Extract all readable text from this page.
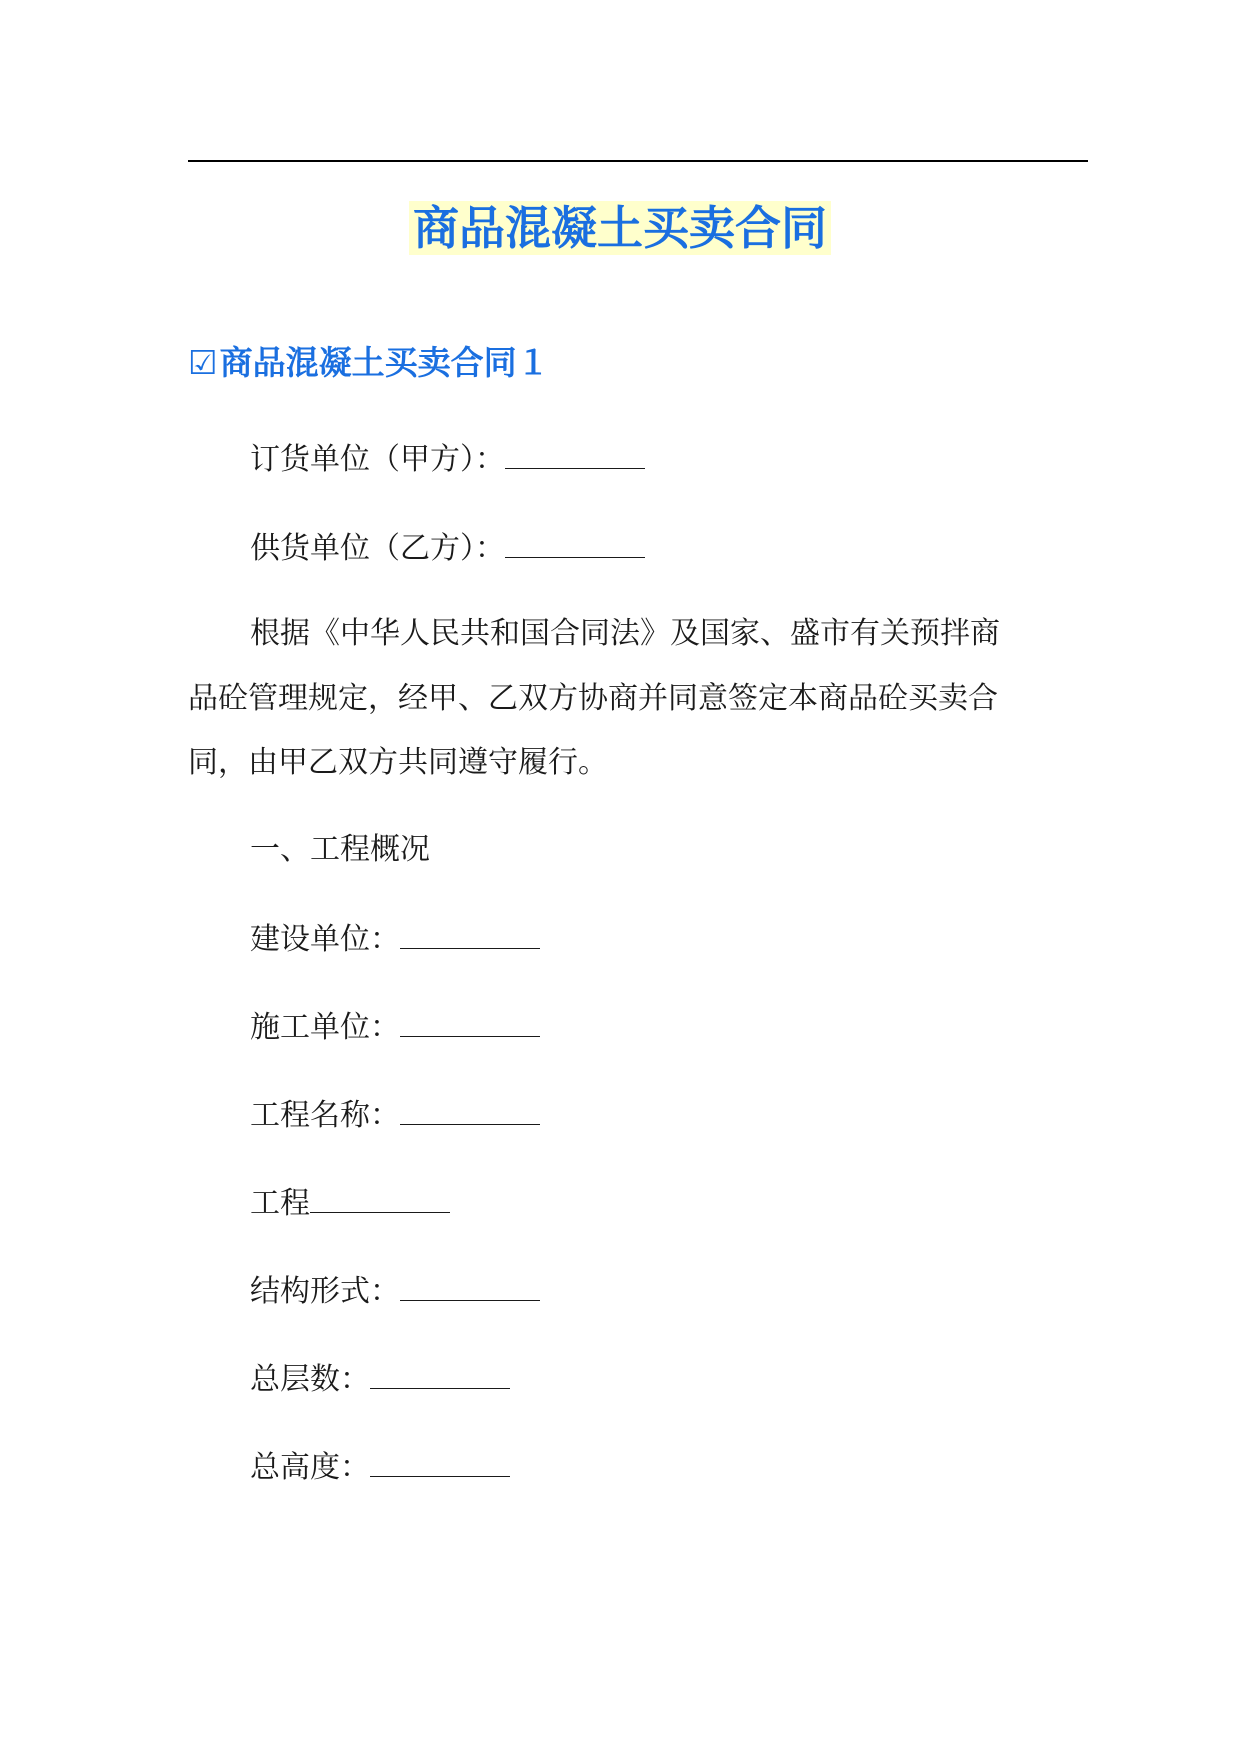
商品混凝土买卖合同
☑商品混凝土买卖合同１
订货单位（甲方）：
供货单位（乙方）：
根据《中华人民共和国合同法》及国家、盛市有关预拌商
品砼管理规定，经甲、乙双方协商并同意签定本商品砼买卖合
同，由甲乙双方共同遵守履行。
一、工程概况
建设单位：
施工单位：
工程名称：
工程
结构形式：
总层数：
总高度：
